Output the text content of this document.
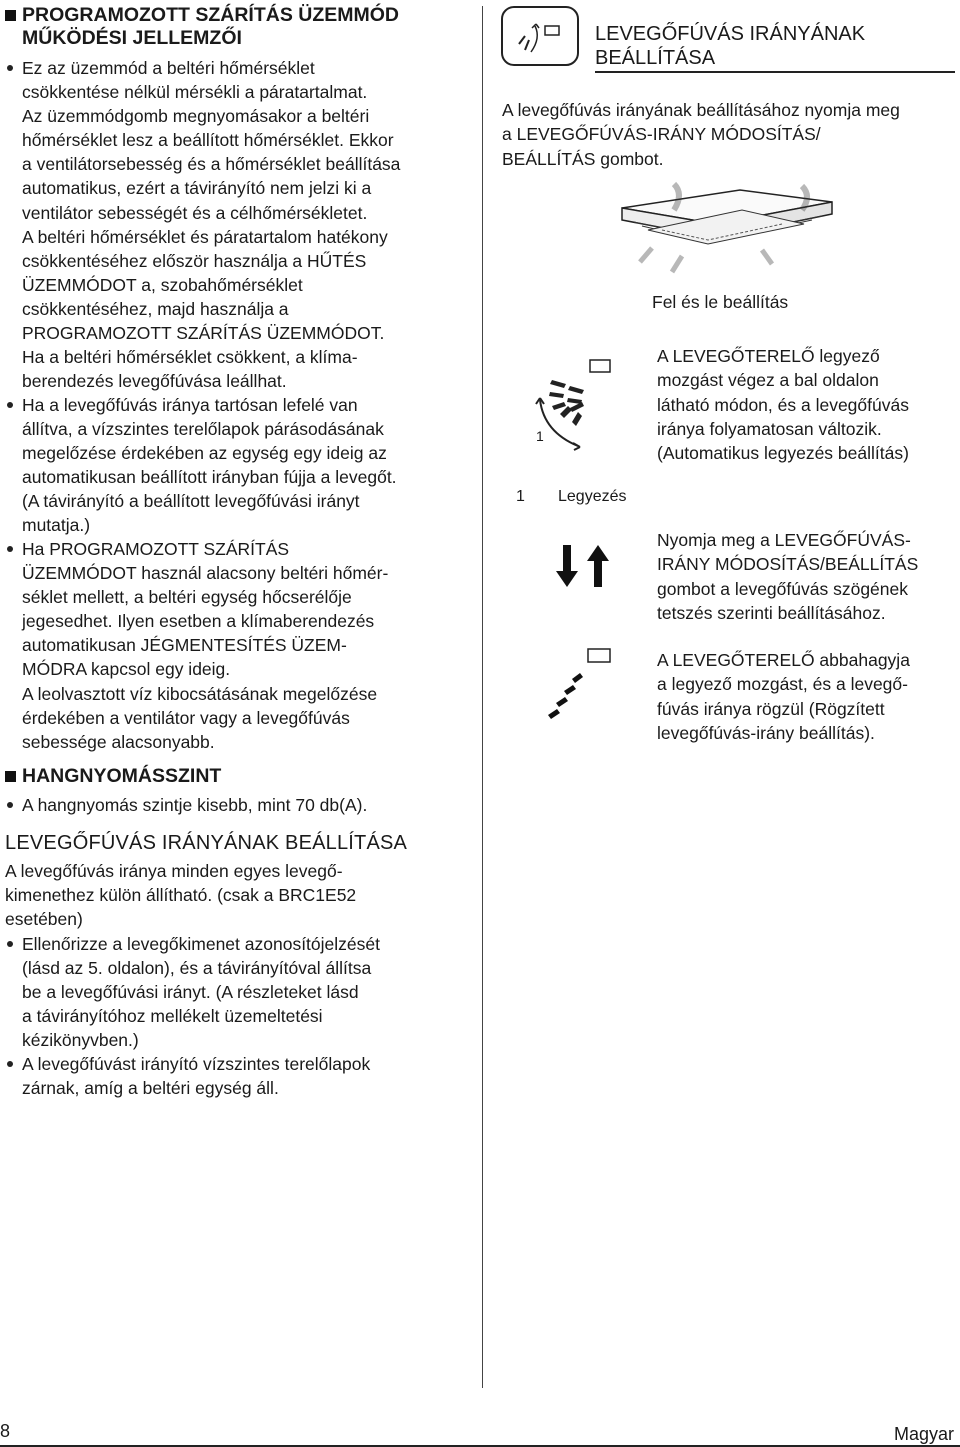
PROGRAMOZOTT SZÁRÍTÁS ÜZEMMÓD
MŰKÖDÉSI JELLEMZŐI
Ez az üzemmód a beltéri hőmérséklet
csökkentése nélkül mérsékli a páratartalmat.
Az üzemmódgomb megnyomásakor a beltéri
hőmérséklet lesz a beállított hőmérséklet. Ekkor
a ventilátorsebesség és a hőmérséklet beállítása
automatikus, ezért a távirányító nem jelzi ki a
ventilátor sebességét és a célhőmérsékletet.
A beltéri hőmérséklet és páratartalom hatékony
csökkentéséhez először használja a HŰTÉS
ÜZEMMÓDOT a, szobahőmérséklet
csökkentéséhez, majd használja a
PROGRAMOZOTT SZÁRÍTÁS ÜZEMMÓDOT.
Ha a beltéri hőmérséklet csökkent, a klíma-
berendezés levegőfúvása leállhat.
Ha a levegőfúvás iránya tartósan lefelé van
állítva, a vízszintes terelőlapok párásodásának
megelőzése érdekében az egység egy ideig az
automatikusan beállított irányban fújja a levegőt.
(A távirányító a beállított levegőfúvási irányt
mutatja.)
Ha PROGRAMOZOTT SZÁRÍTÁS
ÜZEMMÓDOT használ alacsony beltéri hőmér-
séklet mellett, a beltéri egység hőcserélője
jegesedhet. Ilyen esetben a klímaberendezés
automatikusan JÉGMENTESÍTÉS ÜZEM-
MÓDRA kapcsol egy ideig.
A leolvasztott víz kibocsátásának megelőzése
érdekében a ventilátor vagy a levegőfúvás
sebessége alacsonyabb.
HANGNYOMÁSSZINT
A hangnyomás szintje kisebb, mint 70 db(A).
LEVEGŐFÚVÁS IRÁNYÁNAK BEÁLLÍTÁSA
A levegőfúvás iránya minden egyes levegő-
kimenethez külön állítható. (csak a BRC1E52
esetében)
Ellenőrizze a levegőkimenet azonosítójelzését
(lásd az 5. oldalon), és a távirányítóval állítsa
be a levegőfúvási irányt. (A részleteket lásd
a távirányítóhoz mellékelt üzemeltetési
kézikönyvben.)
A levegőfúvást irányító vízszintes terelőlapok
zárnak, amíg a beltéri egység áll.
LEVEGŐFÚVÁS IRÁNYÁNAK
BEÁLLÍTÁSA
A levegőfúvás irányának beállításához nyomja meg
a LEVEGŐFÚVÁS-IRÁNY MÓDOSÍTÁS/
BEÁLLÍTÁS gombot.
Fel és le beállítás
1
A LEVEGŐTERELŐ legyező
mozgást végez a bal oldalon
látható módon, és a levegőfúvás
iránya folyamatosan változik.
(Automatikus legyezés beállítás)
1 Legyezés
Nyomja meg a LEVEGŐFÚVÁS-
IRÁNY MÓDOSÍTÁS/BEÁLLÍTÁS
gombot a levegőfúvás szögének
tetszés szerinti beállításához.
A LEVEGŐTERELŐ abbahagyja
a legyező mozgást, és a levegő-
fúvás iránya rögzül (Rögzített
levegőfúvás-irány beállítás).
8	Magyar
